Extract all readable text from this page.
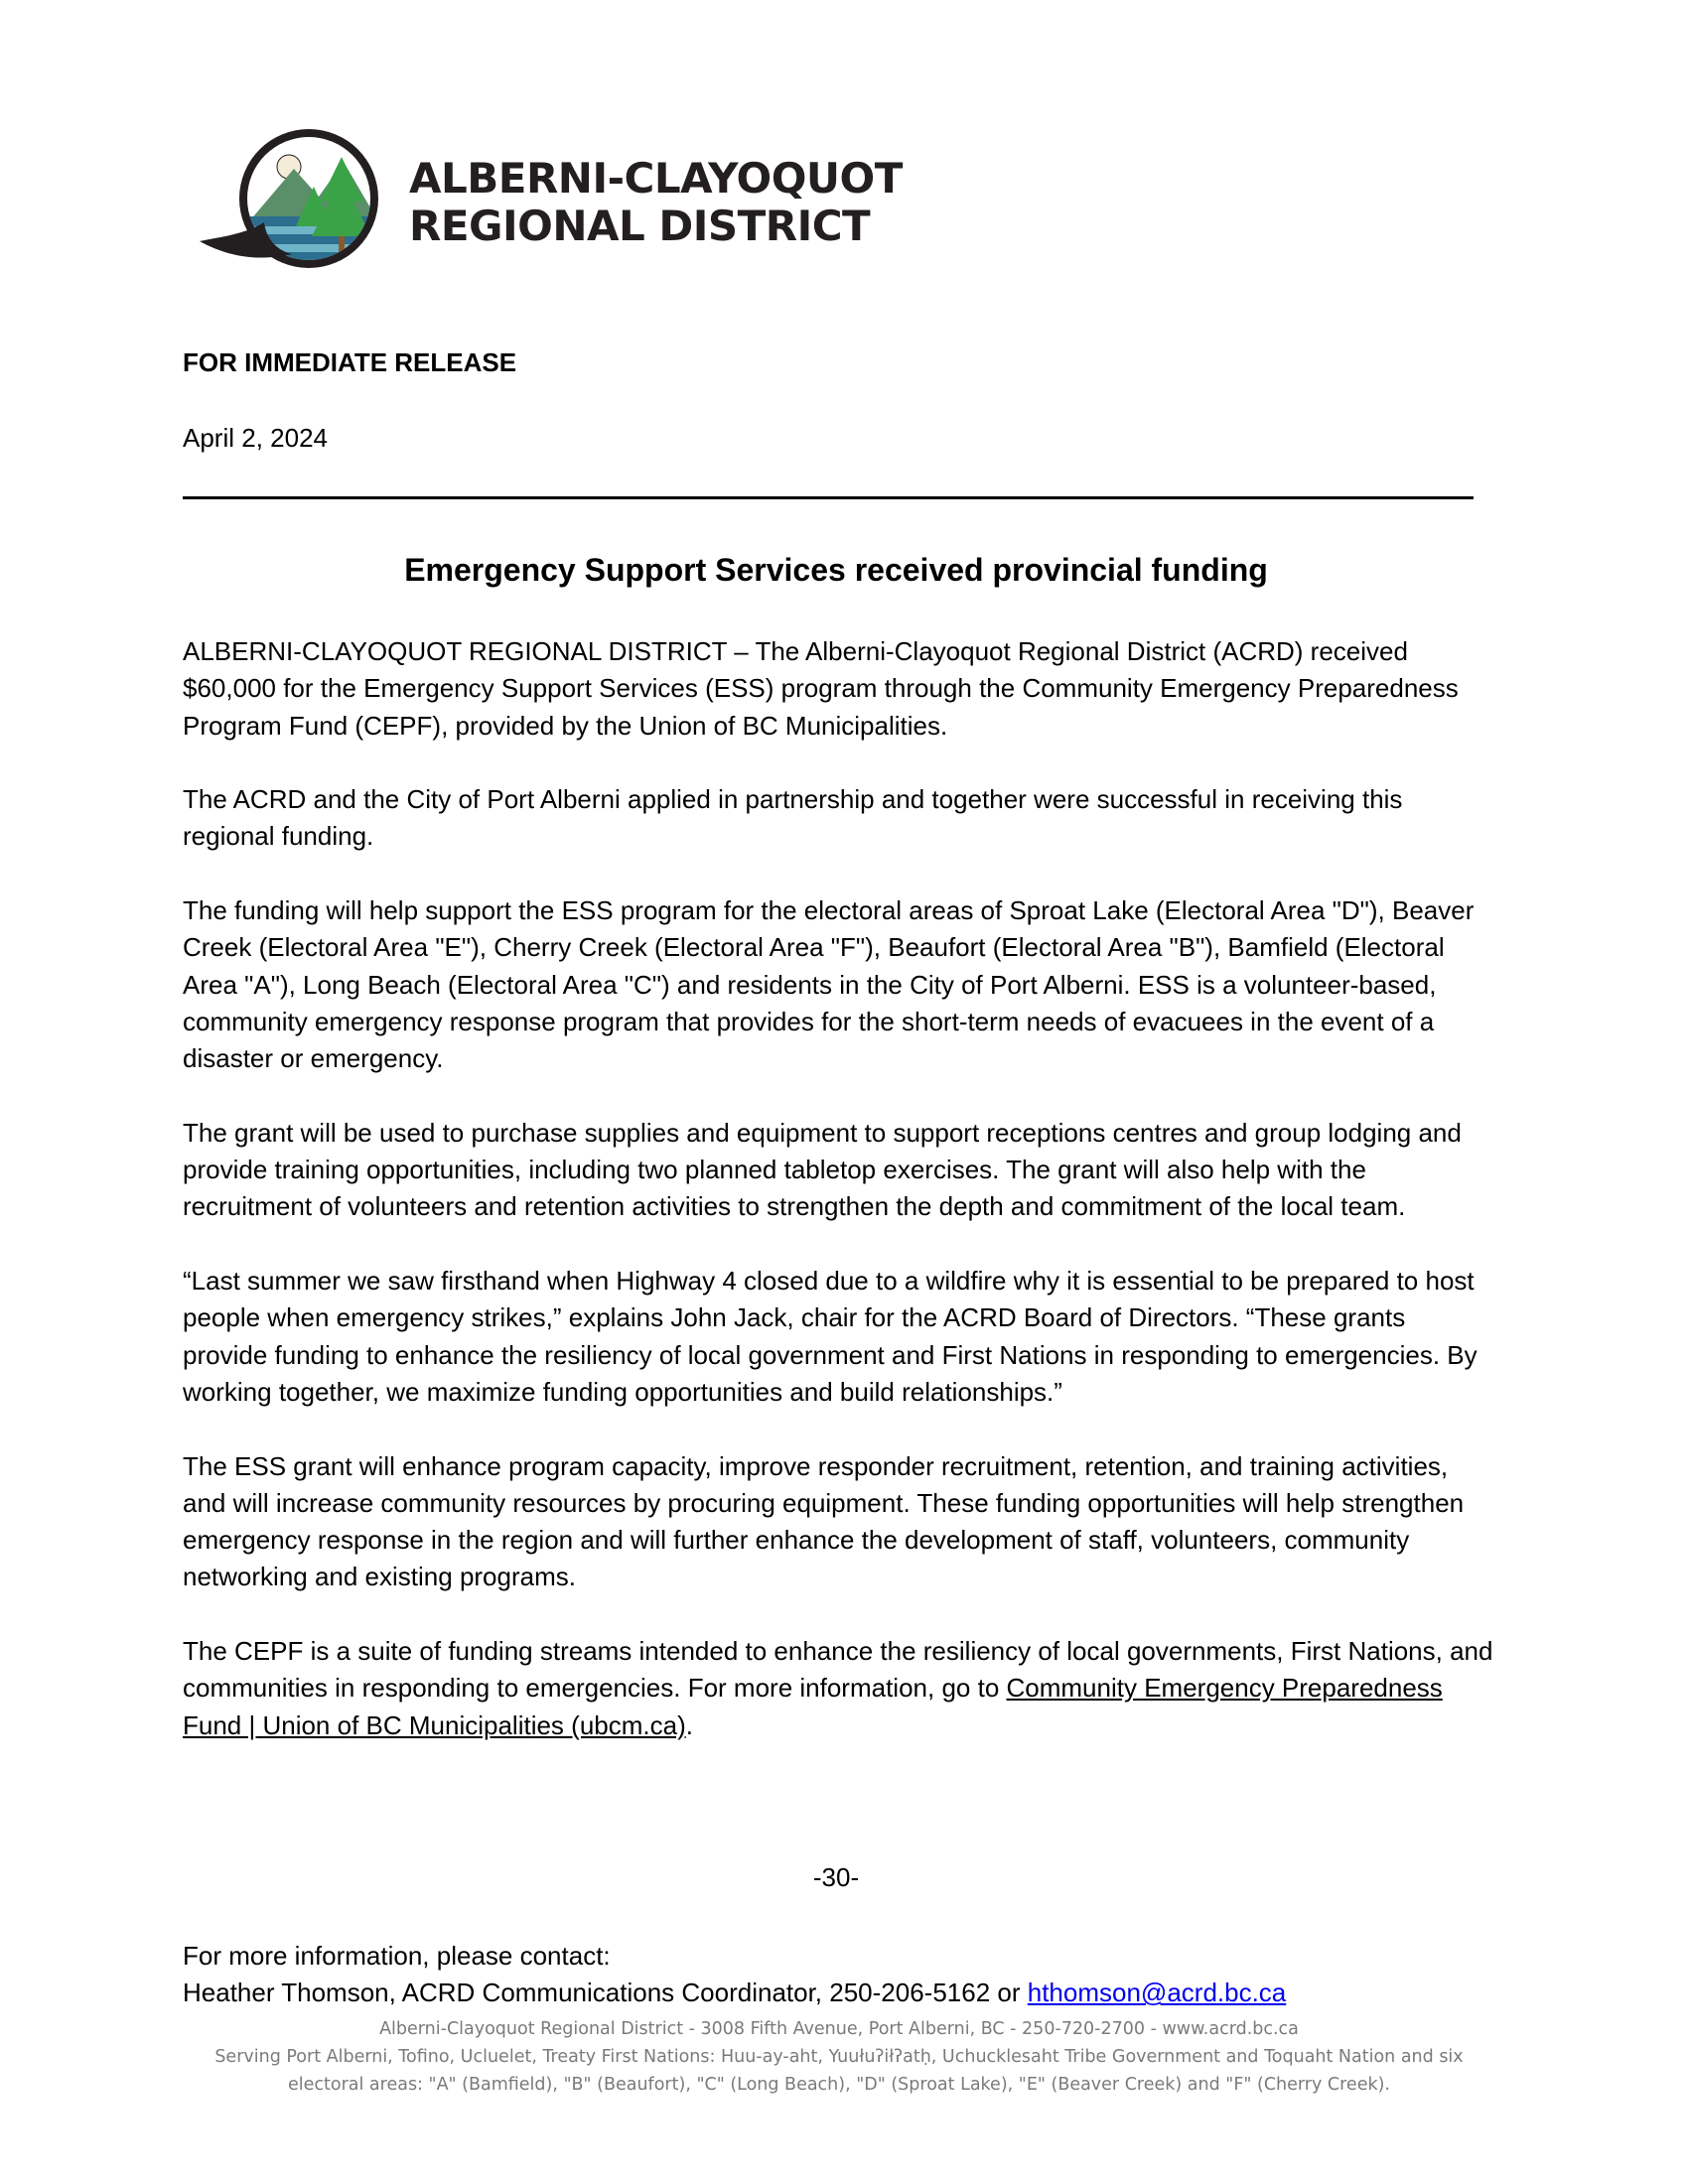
ALBERNI-CLAYOQUOT
REGIONAL DISTRICT
FOR IMMEDIATE RELEASE
April 2, 2024
Emergency Support Services received provincial funding

ALBERNI-CLAYOQUOT REGIONAL DISTRICT – The Alberni-Clayoquot Regional District (ACRD) received $60,000 for the Emergency Support Services (ESS) program through the Community Emergency Preparedness Program Fund (CEPF), provided by the Union of BC Municipalities.

The ACRD and the City of Port Alberni applied in partnership and together were successful in receiving this regional funding.

The funding will help support the ESS program for the electoral areas of Sproat Lake (Electoral Area "D"), Beaver Creek (Electoral Area "E"), Cherry Creek (Electoral Area "F"), Beaufort (Electoral Area "B"), Bamfield (Electoral Area "A"), Long Beach (Electoral Area "C") and residents in the City of Port Alberni. ESS is a volunteer-based, community emergency response program that provides for the short-term needs of evacuees in the event of a disaster or emergency.

The grant will be used to purchase supplies and equipment to support receptions centres and group lodging and provide training opportunities, including two planned tabletop exercises. The grant will also help with the recruitment of volunteers and retention activities to strengthen the depth and commitment of the local team.

“Last summer we saw firsthand when Highway 4 closed due to a wildfire why it is essential to be prepared to host people when emergency strikes,” explains John Jack, chair for the ACRD Board of Directors. “These grants provide funding to enhance the resiliency of local government and First Nations in responding to emergencies. By working together, we maximize funding opportunities and build relationships.”

The ESS grant will enhance program capacity, improve responder recruitment, retention, and training activities, and will increase community resources by procuring equipment. These funding opportunities will help strengthen emergency response in the region and will further enhance the development of staff, volunteers, community networking and existing programs.

The CEPF is a suite of funding streams intended to enhance the resiliency of local governments, First Nations, and communities in responding to emergencies. For more information, go to Community Emergency Preparedness Fund | Union of BC Municipalities (ubcm.ca).

-30-
For more information, please contact:
Heather Thomson, ACRD Communications Coordinator, 250-206-5162 or hthomson@acrd.bc.ca
Alberni-Clayoquot Regional District - 3008 Fifth Avenue, Port Alberni, BC - 250-720-2700 - www.acrd.bc.ca
Serving Port Alberni, Tofino, Ucluelet, Treaty First Nations: Huu-ay-aht, Yuułuʔiłʔatḥ, Uchucklesaht Tribe Government and Toquaht Nation and six
electoral areas: "A" (Bamfield), "B" (Beaufort), "C" (Long Beach), "D" (Sproat Lake), "E" (Beaver Creek) and "F" (Cherry Creek).
